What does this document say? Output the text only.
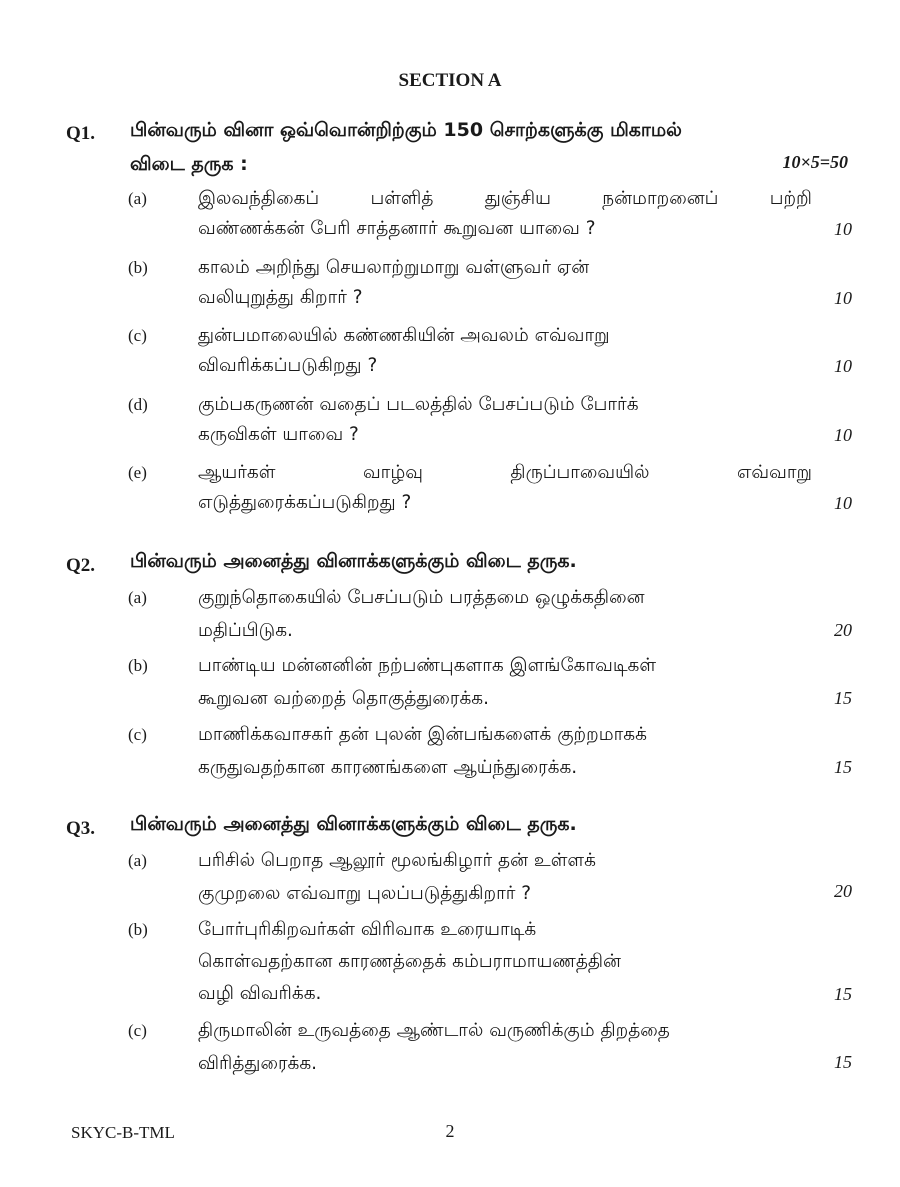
SECTION A
Q1. பின்வரும் வினா ஒவ்வொன்றிற்கும் 150 சொற்களுக்கு மிகாமல்
விடை தருக :	10×5=50
(a)	இலவந்திகைப்	பள்ளித்	துஞ்சிய	நன்மாறனைப்	பற்றி
வண்ணக்கன் பேரி சாத்தனார் கூறுவன யாவை ?	10
(b)	காலம் அறிந்து செயலாற்றுமாறு வள்ளுவர் ஏன்
வலியுறுத்து கிறார் ?	10
(c)	துன்பமாலையில் கண்ணகியின் அவலம் எவ்வாறு
விவரிக்கப்படுகிறது ?	10
(d)	கும்பகருணன் வதைப் படலத்தில் பேசப்படும் போர்க்
கருவிகள் யாவை ?	10
(e)	ஆயர்கள்	வாழ்வு	திருப்பாவையில்	எவ்வாறு
எடுத்துரைக்கப்படுகிறது ?	10
Q2. பின்வரும் அனைத்து வினாக்களுக்கும் விடை தருக.
(a)	குறுந்தொகையில் பேசப்படும் பரத்தமை ஒழுக்கதினை
மதிப்பிடுக.	20
(b)	பாண்டிய மன்னனின் நற்பண்புகளாக இளங்கோவடிகள்
கூறுவன வற்றைத் தொகுத்துரைக்க.	15
(c)	மாணிக்கவாசகர் தன் புலன் இன்பங்களைக் குற்றமாகக்
கருதுவதற்கான காரணங்களை ஆய்ந்துரைக்க.	15
Q3. பின்வரும் அனைத்து வினாக்களுக்கும் விடை தருக.
(a)	பரிசில் பெறாத ஆலூர் மூலங்கிழார் தன் உள்ளக்
குமுறலை எவ்வாறு புலப்படுத்துகிறார் ?	20
(b)	போர்புரிகிறவர்கள் விரிவாக உரையாடிக்
கொள்வதற்கான காரணத்தைக் கம்பராமாயணத்தின்
வழி விவரிக்க.	15
(c)	திருமாலின் உருவத்தை ஆண்டால் வருணிக்கும் திறத்தை
விரித்துரைக்க.	15
SKYC-B-TML	2
